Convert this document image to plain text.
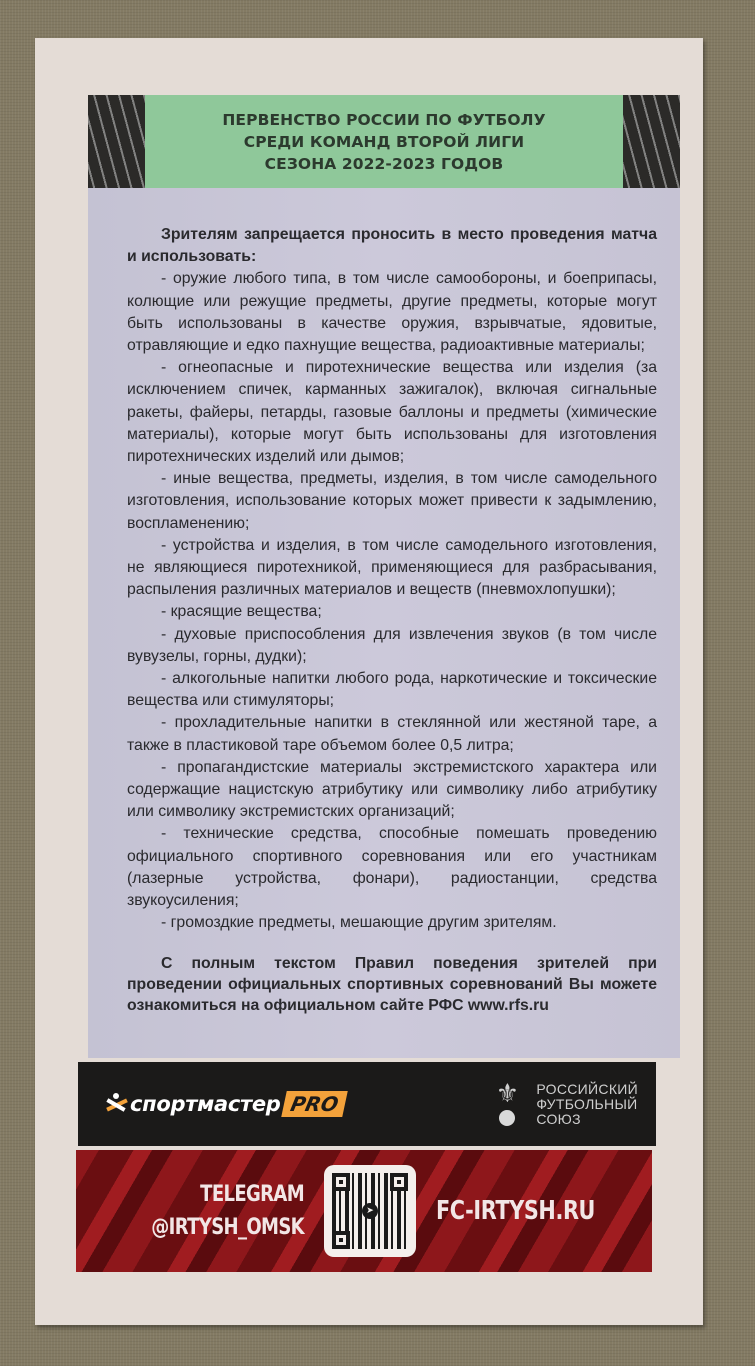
ПЕРВЕНСТВО РОССИИ ПО ФУТБОЛУ
СРЕДИ КОМАНД ВТОРОЙ ЛИГИ
СЕЗОНА 2022-2023 ГОДОВ

Зрителям запрещается проносить в место проведения матча и использовать:

- оружие любого типа, в том числе самообороны, и боеприпасы, колющие или режущие предметы, другие предметы, которые могут быть использованы в качестве оружия, взрывчатые, ядовитые, отравляющие и едко пахнущие вещества, радиоактивные материалы;

- огнеопасные и пиротехнические вещества или изделия (за исключением спичек, карманных зажигалок), включая сигнальные ракеты, файеры, петарды, газовые баллоны и предметы (химические материалы), которые могут быть использованы для изготовления пиротехнических изделий или дымов;

- иные вещества, предметы, изделия, в том числе самодельного изготовления, использование которых может привести к задымлению, воспламенению;

- устройства и изделия, в том числе самодельного изготовления, не являющиеся пиротехникой, применяющиеся для разбрасывания, распыления различных материалов и веществ (пневмохлопушки);

- красящие вещества;

- духовые приспособления для извлечения звуков (в том числе вувузелы, горны, дудки);

- алкогольные напитки любого рода, наркотические и токсические вещества или стимуляторы;

- прохладительные напитки в стеклянной или жестяной таре, а также в пластиковой таре объемом более 0,5 литра;

- пропагандистские материалы экстремистского характера или содержащие нацистскую атрибутику или символику либо атрибутику или символику экстремистских организаций;

- технические средства, способные помешать проведению официального спортивного соревнования или его участникам (лазерные устройства, фонари), радиостанции, средства звукоусиления;

- громоздкие предметы, мешающие другим зрителям.

С полным текстом Правил поведения зрителей при проведении официальных спортивных соревнований Вы можете ознакомиться на официальном сайте РФС www.rfs.ru

спортмастер PRO	⚜	РОССИЙСКИЙ
ФУТБОЛЬНЫЙ
СОЮЗ
TELEGRAM
@IRTYSH_OMSK
➤ FC-IRTYSH.RU
